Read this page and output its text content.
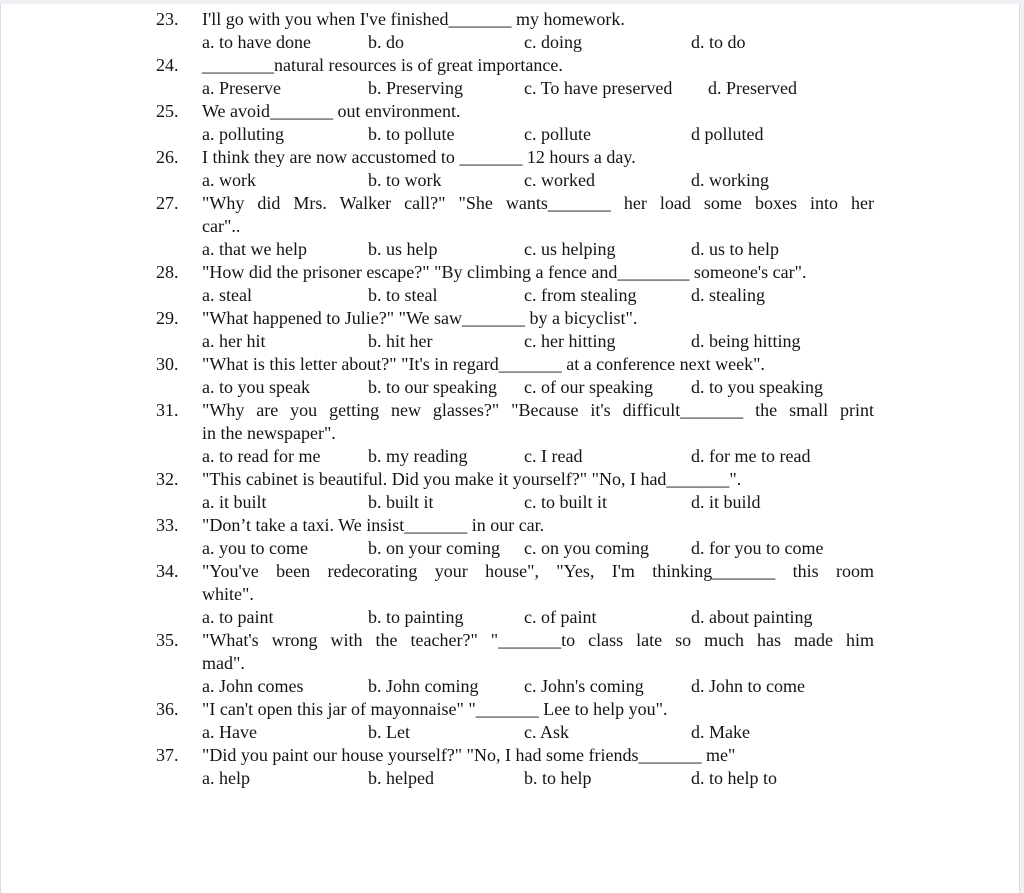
23.	I'll go with you when I've finished_______ my homework.
a. to have done	b. do	c. doing	d. to do
24.	________natural resources is of great importance.
a. Preserve	b. Preserving	c. To have preserved d. Preserved
25.	We avoid_______ out environment.
a. polluting	b. to pollute	c. pollute	d polluted
26.	I think they are now accustomed to _______ 12 hours a day.
a. work	b. to work	c. worked	d. working
27.	"Why did Mrs. Walker call?" "She wants_______ her load some boxes into her
car"..
a. that we help	b. us help	c. us helping	d. us to help
28.	"How did the prisoner escape?" "By climbing a fence and________ someone's car".
a. steal	b. to steal	c. from stealing	d. stealing
29.	"What happened to Julie?" "We saw_______ by a bicyclist".
a. her hit	b. hit her	c. her hitting	d. being hitting
30.	"What is this letter about?" "It's in regard_______ at a conference next week".
a. to you speak	b. to our speaking c. of our speaking d. to you speaking
31.	"Why are you getting new glasses?" "Because it's difficult_______ the small print
in the newspaper".
a. to read for me	b. my reading	c. I read	d. for me to read
32.	"This cabinet is beautiful. Did you make it yourself?" "No, I had_______".
a. it built	b. built it	c. to built it	d. it build
33.	"Don’t take a taxi. We insist_______ in our car.
a. you to come	b. on your coming c. on you coming d. for you to come
34.	"You've been redecorating your house", "Yes, I'm thinking_______ this room
white".
a. to paint	b. to painting	c. of paint	d. about painting
35.	"What's wrong with the teacher?" "_______to class late so much has made him
mad".
a. John comes	b. John coming	c. John's coming	d. John to come
36.	"I can't open this jar of mayonnaise" "_______ Lee to help you".
a. Have	b. Let	c. Ask	d. Make
37.	"Did you paint our house yourself?" "No, I had some friends_______ me"
a. help	b. helped	b. to help	d. to help to
